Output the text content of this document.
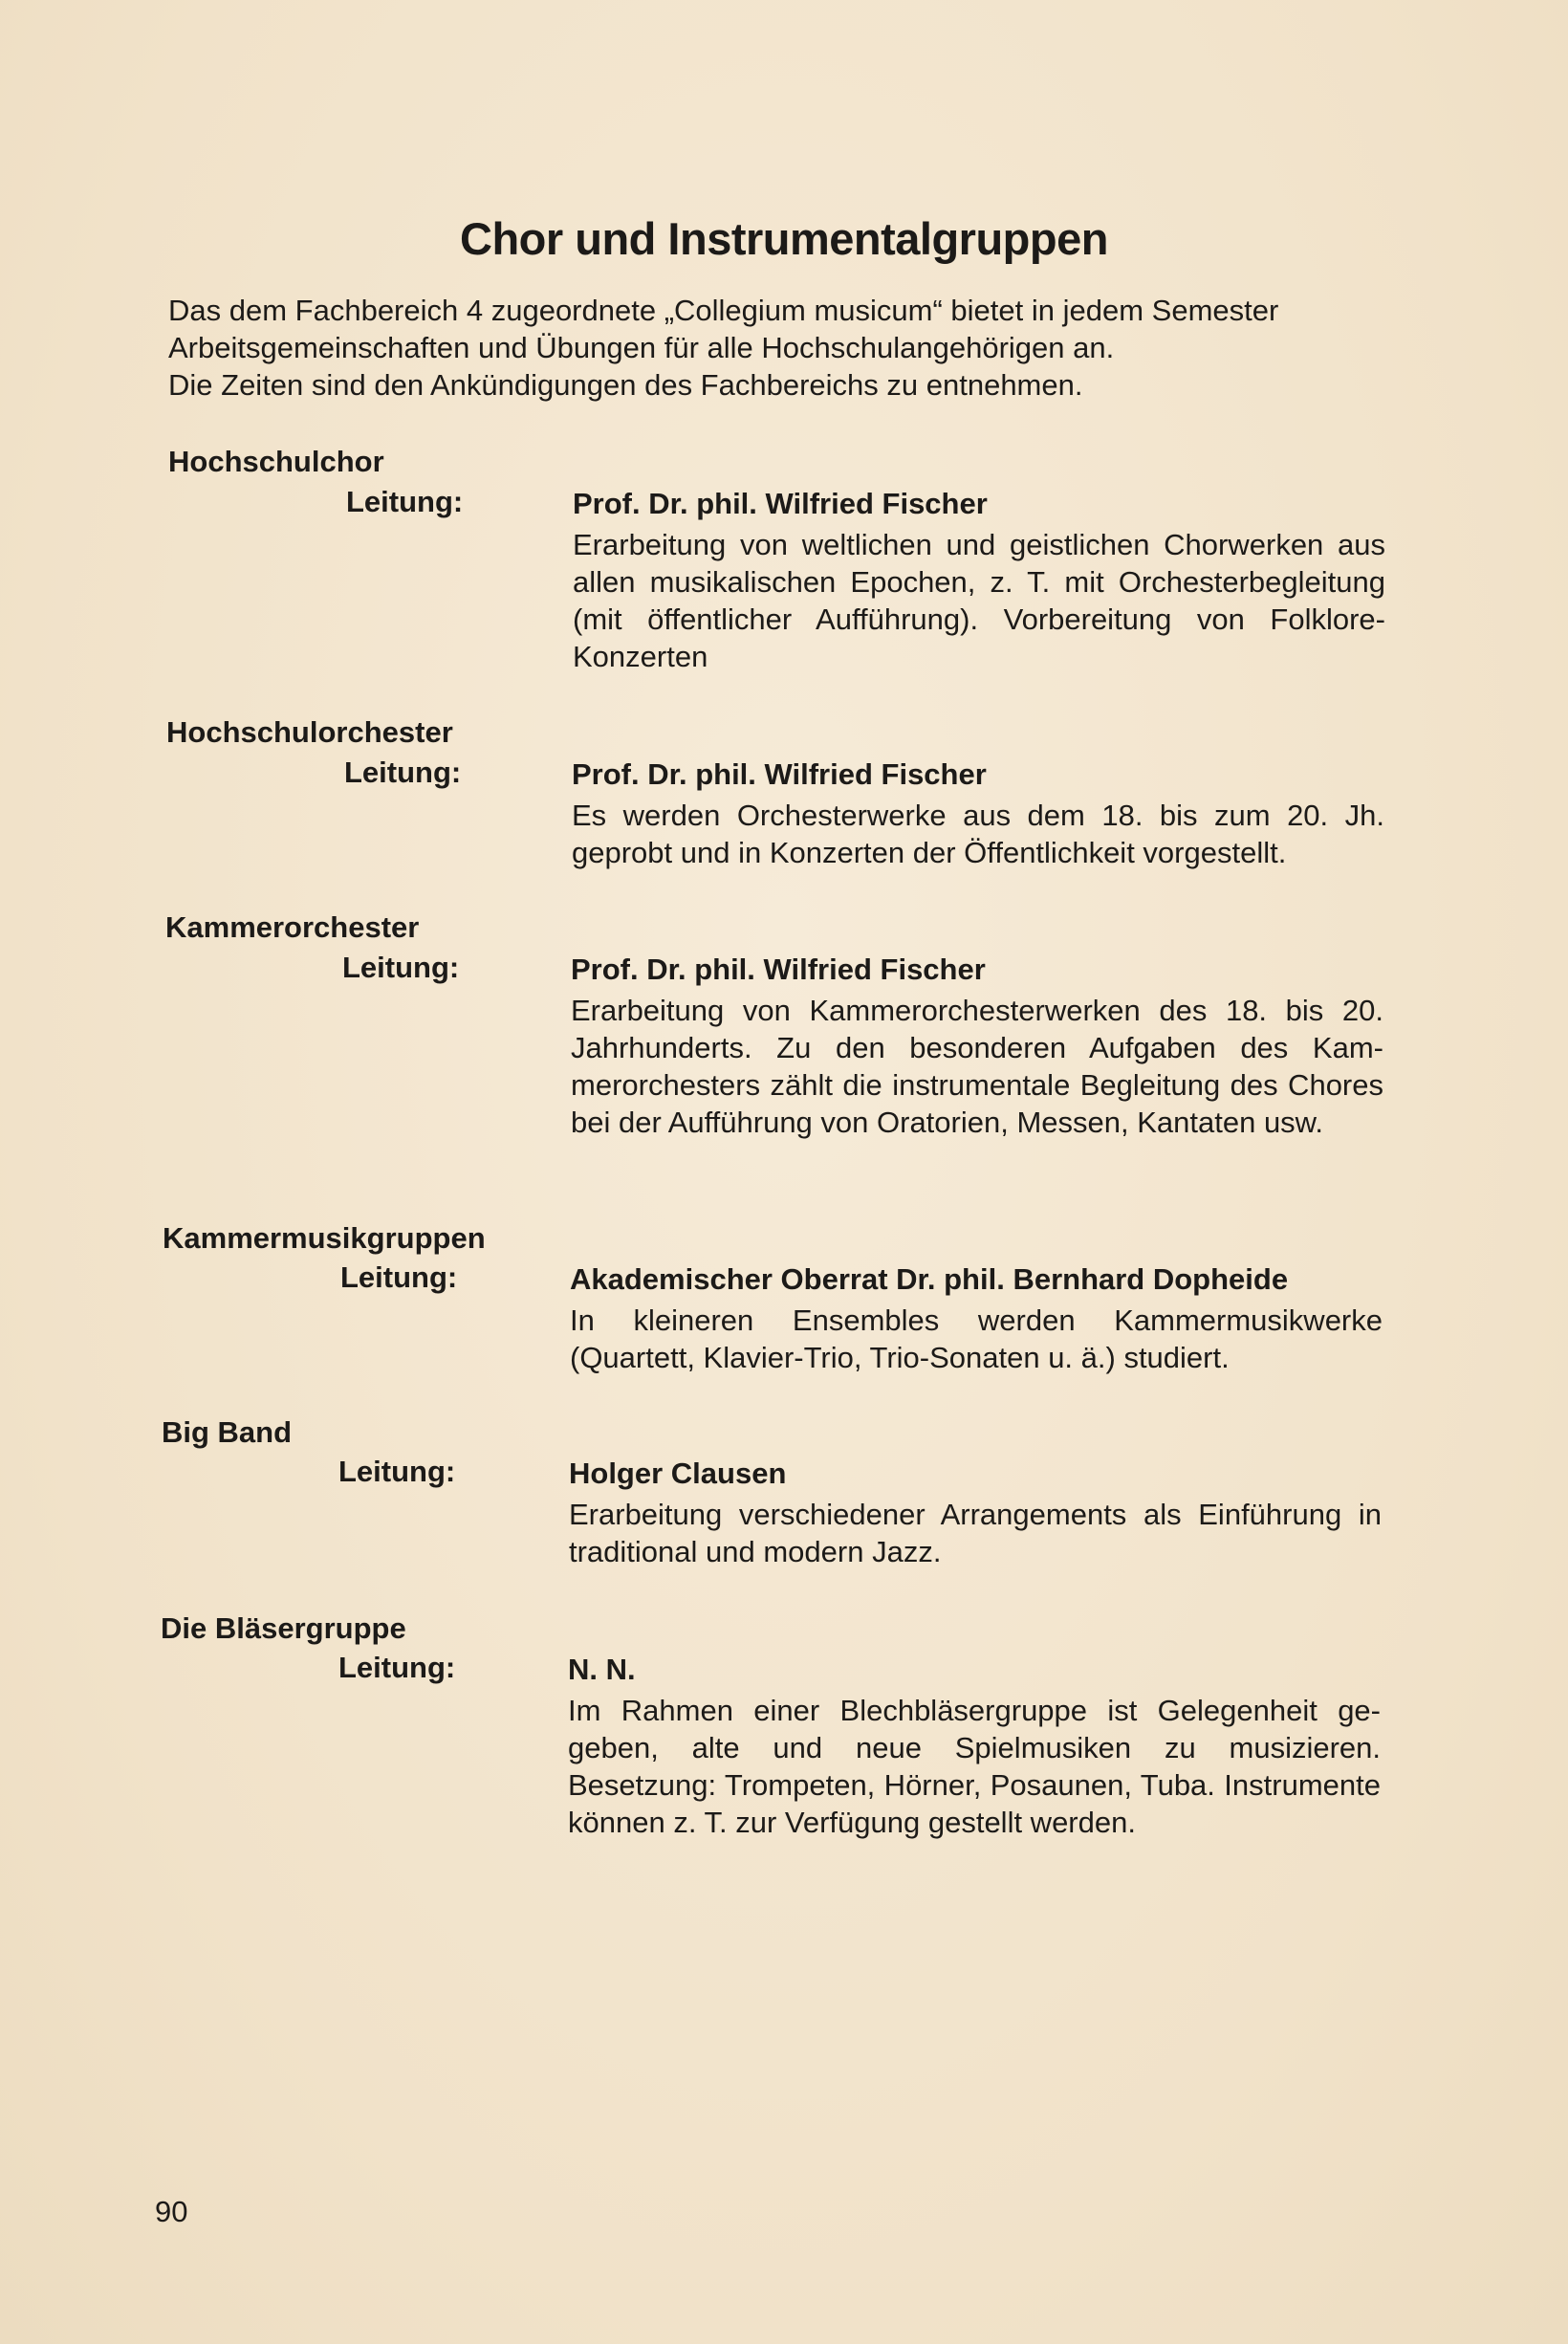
Chor und Instrumentalgruppen

Das dem Fachbereich 4 zugeordnete „Collegium musicum“ bietet in jedem Semester

Arbeitsgemeinschaften und Übungen für alle Hochschulangehörigen an.

Die Zeiten sind den Ankündigungen des Fachbereichs zu entnehmen.

Hochschulchor
Leitung:	Prof. Dr. phil. Wilfried Fischer

Erarbeitung von weltlichen und geistlichen Chorwerken aus allen musikalischen Epochen, z. T. mit Orchesterbegleitung (mit öffentlicher Aufführung). Vorbereitung von Folklore-Konzerten

Hochschulorchester
Leitung:	Prof. Dr. phil. Wilfried Fischer

Es werden Orchesterwerke aus dem 18. bis zum 20. Jh. geprobt und in Konzerten der Öffentlichkeit vorgestellt.

Kammerorchester
Leitung:	Prof. Dr. phil. Wilfried Fischer

Erarbeitung von Kammerorchesterwerken des 18. bis 20. Jahrhunderts. Zu den besonderen Aufgaben des Kammerorchesters zählt die instrumentale Begleitung des Chores bei der Aufführung von Oratorien, Messen, Kantaten usw.

Kammermusikgruppen
Leitung:	Akademischer Oberrat Dr. phil. Bernhard Dopheide

In kleineren Ensembles werden Kammermusikwerke (Quartett, Klavier-Trio, Trio-Sonaten u. ä.) studiert.

Big Band
Leitung:	Holger Clausen

Erarbeitung verschiedener Arrangements als Einführung in traditional und modern Jazz.

Die Bläsergruppe
Leitung:	N. N.

Im Rahmen einer Blechbläsergruppe ist Gelegenheit gegeben, alte und neue Spielmusiken zu musizieren. Besetzung: Trompeten, Hörner, Posaunen, Tuba. Instrumente können z. T. zur Verfügung gestellt werden.

90
